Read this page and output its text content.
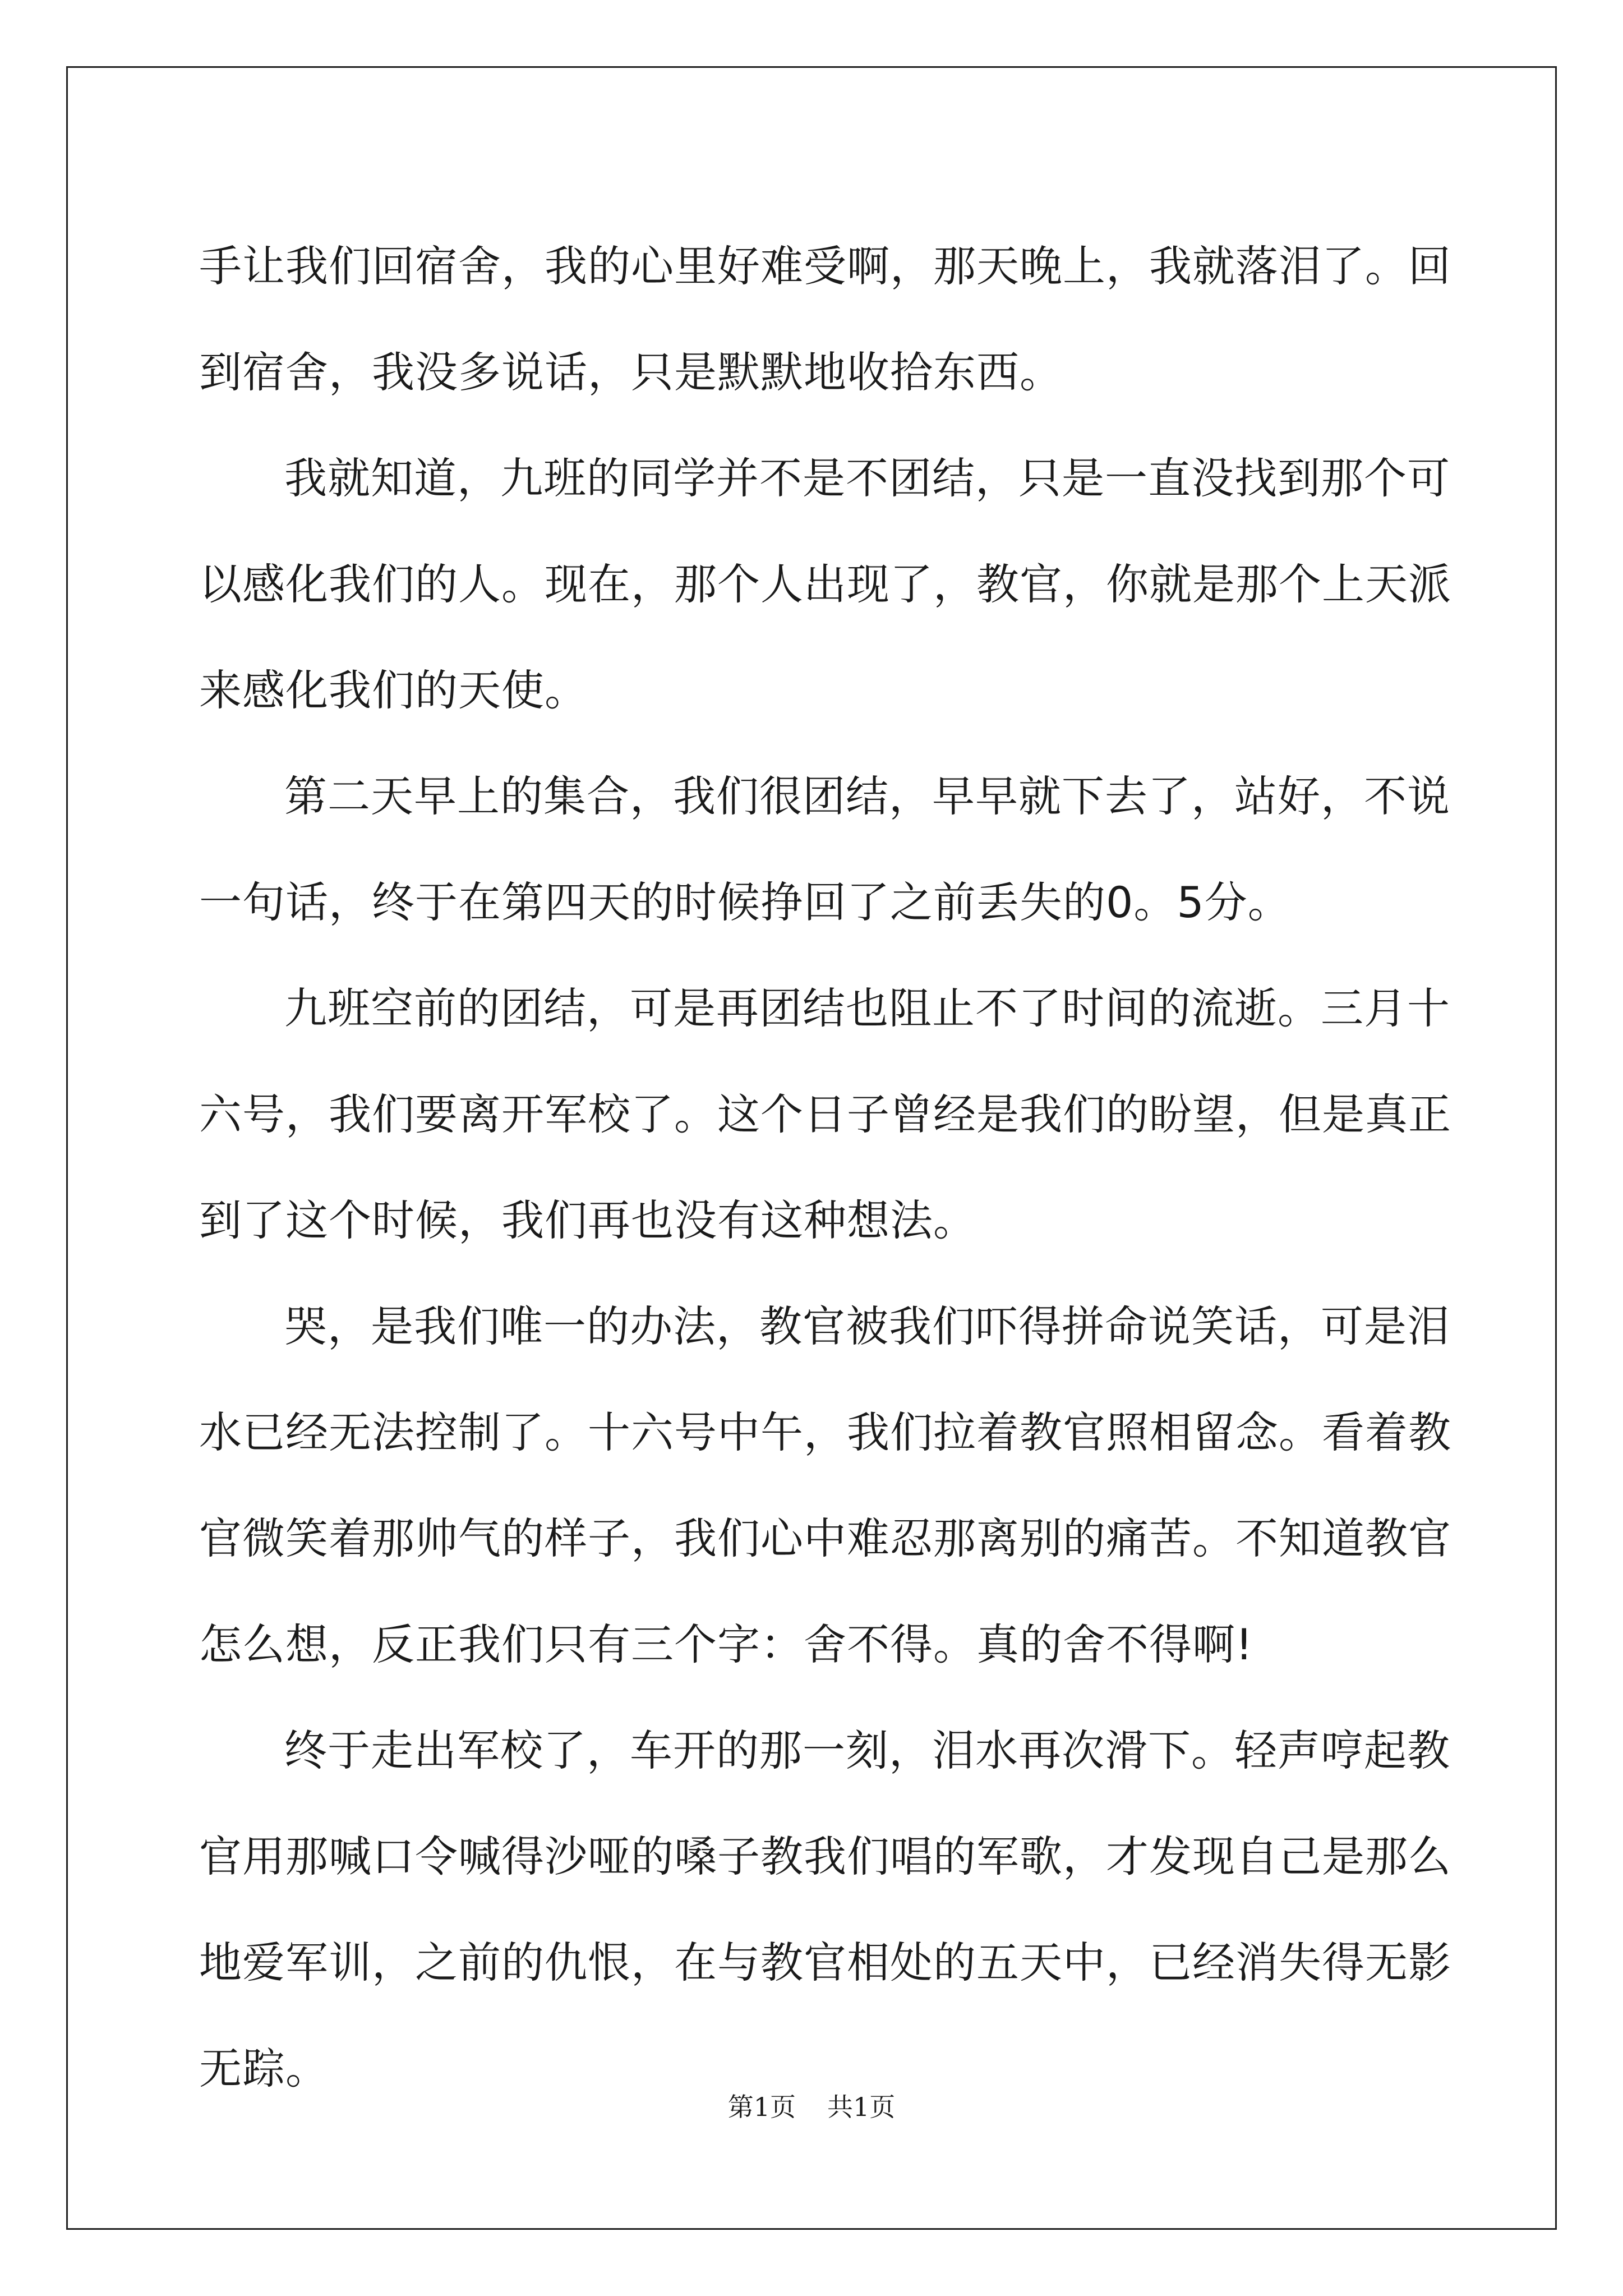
手让我们回宿舍，我的心里好难受啊，那天晚上，我就落泪了。回到宿舍，我没多说话，只是默默地收拾东西。

我就知道，九班的同学并不是不团结，只是一直没找到那个可以感化我们的人。现在，那个人出现了，教官，你就是那个上天派来感化我们的天使。

第二天早上的集合，我们很团结，早早就下去了，站好，不说一句话，终于在第四天的时候挣回了之前丢失的0。5分。

九班空前的团结，可是再团结也阻止不了时间的流逝。三月十六号，我们要离开军校了。这个日子曾经是我们的盼望，但是真正到了这个时候，我们再也没有这种想法。

哭，是我们唯一的办法，教官被我们吓得拼命说笑话，可是泪水已经无法控制了。十六号中午，我们拉着教官照相留念。看着教官微笑着那帅气的样子，我们心中难忍那离别的痛苦。不知道教官怎么想，反正我们只有三个字：舍不得。真的舍不得啊!

终于走出军校了，车开的那一刻，泪水再次滑下。轻声哼起教官用那喊口令喊得沙哑的嗓子教我们唱的军歌，才发现自己是那么地爱军训，之前的仇恨，在与教官相处的五天中，已经消失得无影无踪。

第1页 共1页
